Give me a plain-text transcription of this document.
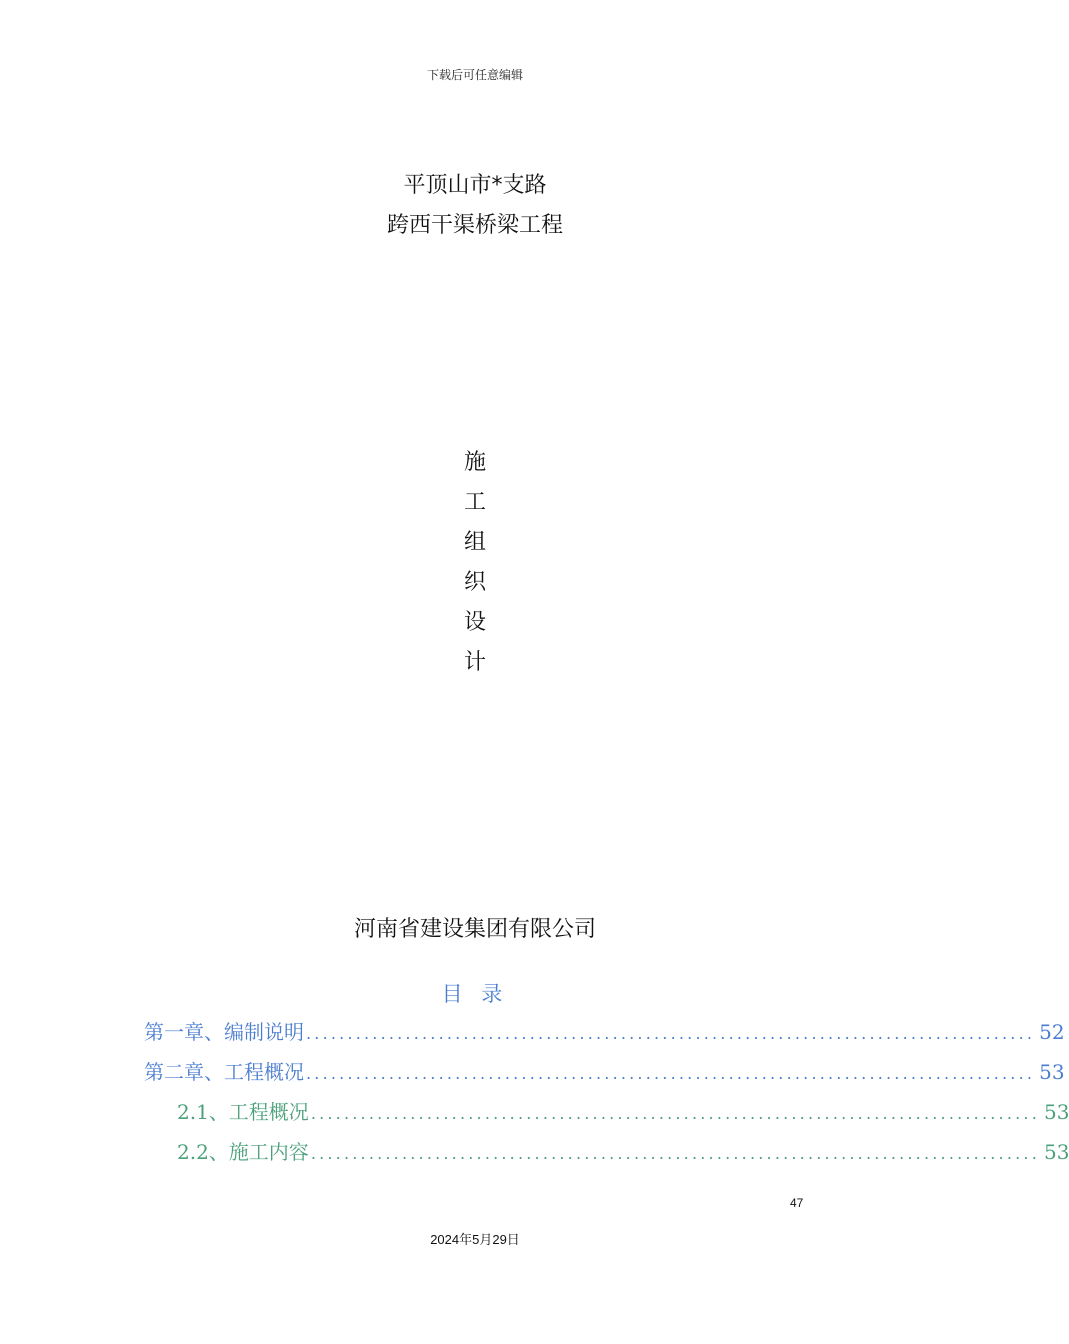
下载后可任意编辑
平顶山市*支路
跨西干渠桥梁工程
施
工
组
织
设
计
河南省建设集团有限公司
目 录
第一章、编制说明 ........................................................................................ 52
第二章、工程概况 ........................................................................................ 53
2.1、工程概况 ........................................................................................ 53
2.2、施工内容 ........................................................................................ 53
47
2024年5月29日
